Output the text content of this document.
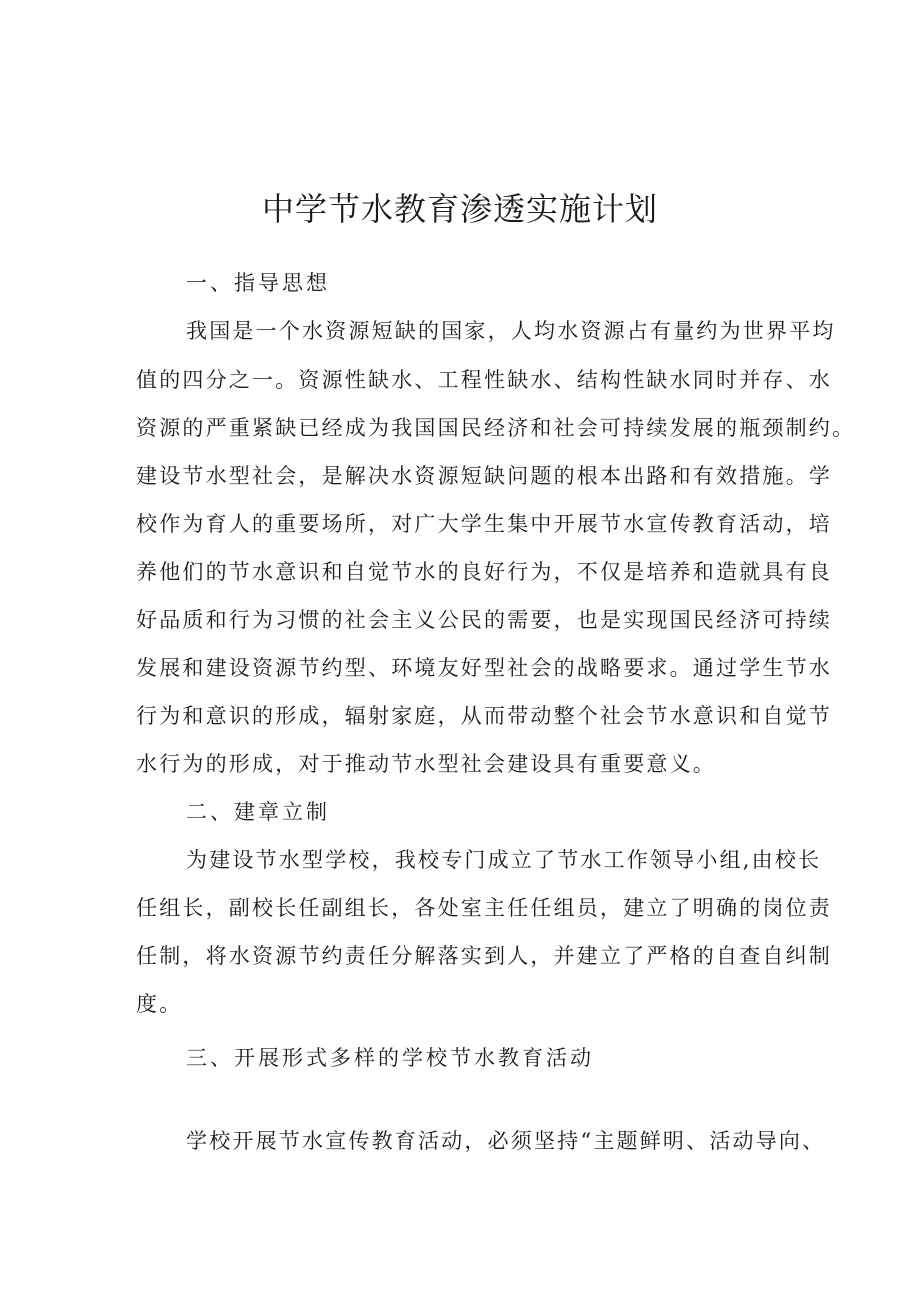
中学节水教育渗透实施计划
一、指导思想
我国是一个水资源短缺的国家，人均水资源占有量约为世界平均
值的四分之一。资源性缺水、工程性缺水、结构性缺水同时并存、水
资源的严重紧缺已经成为我国国民经济和社会可持续发展的瓶颈制约。
建设节水型社会，是解决水资源短缺问题的根本出路和有效措施。学
校作为育人的重要场所，对广大学生集中开展节水宣传教育活动，培
养他们的节水意识和自觉节水的良好行为，不仅是培养和造就具有良
好品质和行为习惯的社会主义公民的需要，也是实现国民经济可持续
发展和建设资源节约型、环境友好型社会的战略要求。通过学生节水
行为和意识的形成，辐射家庭，从而带动整个社会节水意识和自觉节
水行为的形成，对于推动节水型社会建设具有重要意义。
二、建章立制
为建设节水型学校，我校专门成立了节水工作领导小组,由校长
任组长，副校长任副组长，各处室主任任组员，建立了明确的岗位责
任制，将水资源节约责任分解落实到人，并建立了严格的自查自纠制
度。
三、开展形式多样的学校节水教育活动
学校开展节水宣传教育活动，必须坚持“主题鲜明、活动导向、
